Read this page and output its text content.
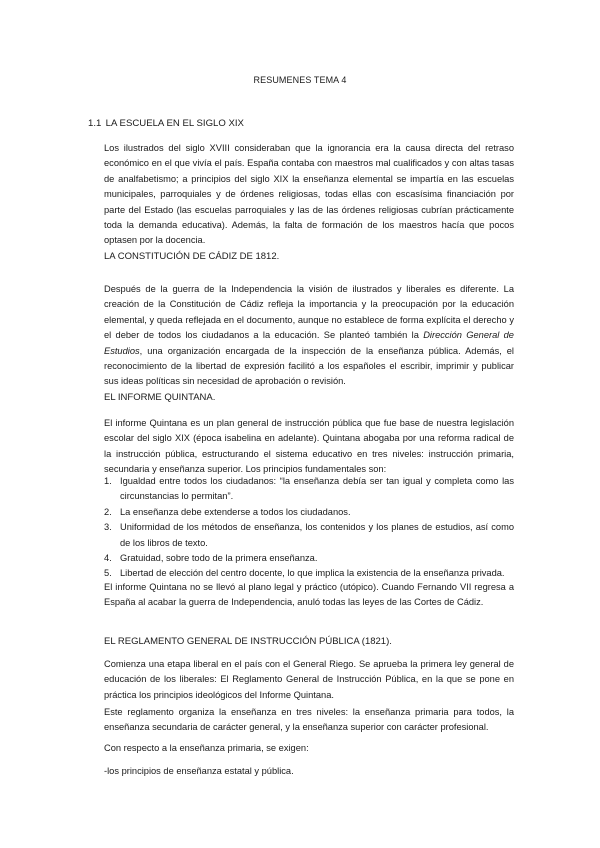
RESUMENES TEMA 4
1.1 LA ESCUELA EN EL SIGLO XIX

Los ilustrados del siglo XVIII consideraban que la ignorancia era la causa directa del retraso económico en el que vivía el país. España contaba con maestros mal cualificados y con altas tasas de analfabetismo; a principios del siglo XIX la enseñanza elemental se impartía en las escuelas municipales, parroquiales y de órdenes religiosas, todas ellas con escasísima financiación por parte del Estado (las escuelas parroquiales y las de las órdenes religiosas cubrían prácticamente toda la demanda educativa). Además, la falta de formación de los maestros hacía que pocos optasen por la docencia.

LA CONSTITUCIÓN DE CÁDIZ DE 1812.

Después de la guerra de la Independencia la visión de ilustrados y liberales es diferente. La creación de la Constitución de Cádiz refleja la importancia y la preocupación por la educación elemental, y queda reflejada en el documento, aunque no establece de forma explícita el derecho y el deber de todos los ciudadanos a la educación. Se planteó también la Dirección General de Estudios, una organización encargada de la inspección de la enseñanza pública. Además, el reconocimiento de la libertad de expresión facilitó a los españoles el escribir, imprimir y publicar sus ideas políticas sin necesidad de aprobación o revisión.

EL INFORME QUINTANA.

El informe Quintana es un plan general de instrucción pública que fue base de nuestra legislación escolar del siglo XIX (época isabelina en adelante). Quintana abogaba por una reforma radical de la instrucción pública, estructurando el sistema educativo en tres niveles: instrucción primaria, secundaria y enseñanza superior. Los principios fundamentales son:

1. Igualdad entre todos los ciudadanos: “la enseñanza debía ser tan igual y completa como las circunstancias lo permitan”.
2. La enseñanza debe extenderse a todos los ciudadanos.
3. Uniformidad de los métodos de enseñanza, los contenidos y los planes de estudios, así como de los libros de texto.
4. Gratuidad, sobre todo de la primera enseñanza.
5. Libertad de elección del centro docente, lo que implica la existencia de la enseñanza privada.

El informe Quintana no se llevó al plano legal y práctico (utópico). Cuando Fernando VII regresa a España al acabar la guerra de Independencia, anuló todas las leyes de las Cortes de Cádiz.

EL REGLAMENTO GENERAL DE INSTRUCCIÓN PÚBLICA (1821).

Comienza una etapa liberal en el país con el General Riego. Se aprueba la primera ley general de educación de los liberales: El Reglamento General de Instrucción Pública, en la que se pone en práctica los principios ideológicos del Informe Quintana.

Este reglamento organiza la enseñanza en tres niveles: la enseñanza primaria para todos, la enseñanza secundaria de carácter general, y la enseñanza superior con carácter profesional.

Con respecto a la enseñanza primaria, se exigen:

-los principios de enseñanza estatal y pública.
